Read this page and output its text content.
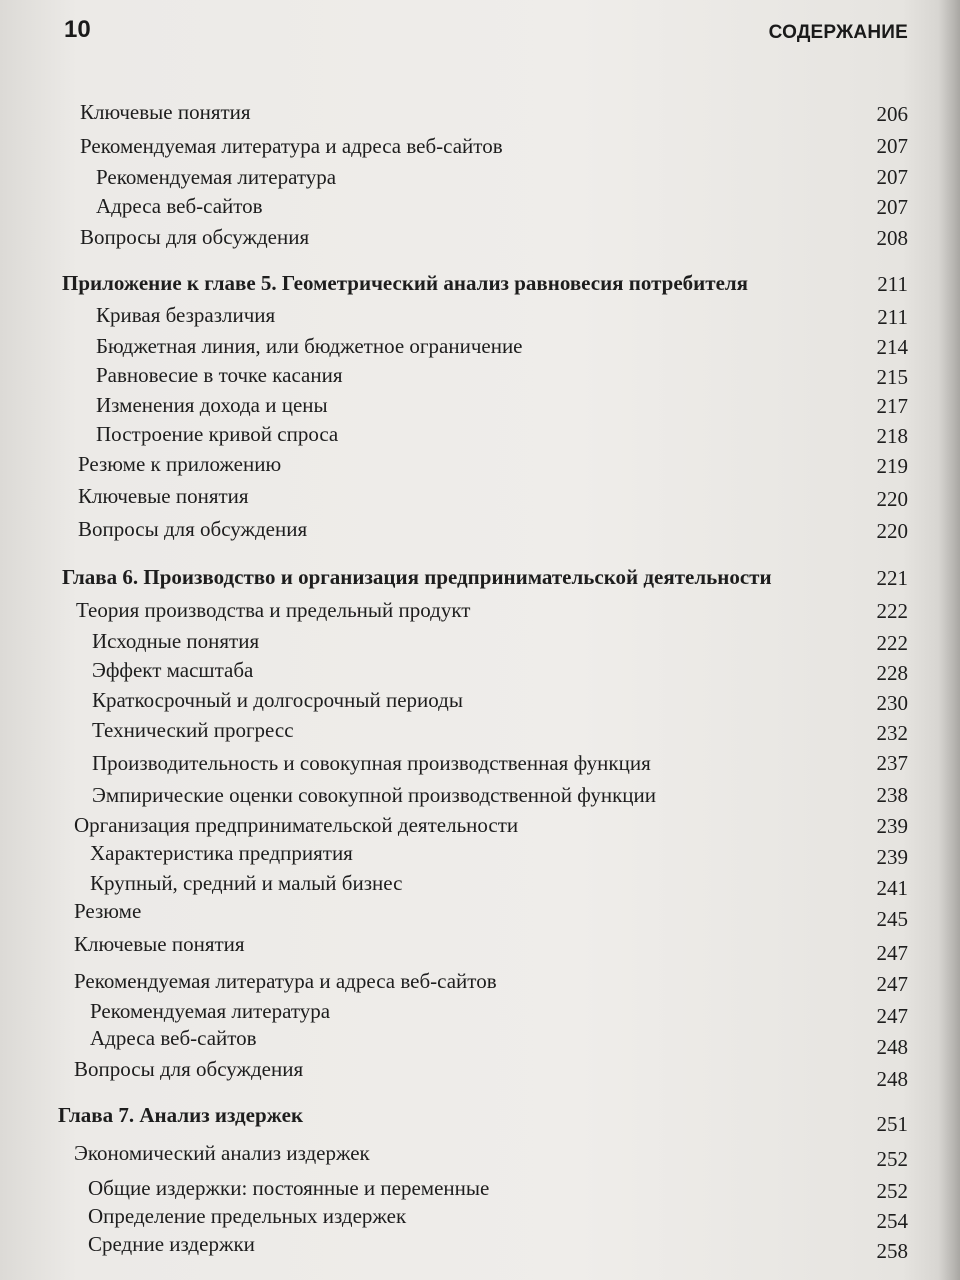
10	СОДЕРЖАНИЕ
Ключевые понятия
Рекомендуемая литература и адреса веб-сайтов
Рекомендуемая литература
Адреса веб-сайтов
Вопросы для обсуждения
Приложение к главе 5. Геометрический анализ равновесия потребителя
Кривая безразличия
Бюджетная линия, или бюджетное ограничение
Равновесие в точке касания
Изменения дохода и цены
Построение кривой спроса
Резюме к приложению
Ключевые понятия
Вопросы для обсуждения
Глава 6. Производство и организация предпринимательской деятельности
Теория производства и предельный продукт
Исходные понятия
Эффект масштаба
Краткосрочный и долгосрочный периоды
Технический прогресс
Производительность и совокупная производственная функция
Эмпирические оценки совокупной производственной функции
Организация предпринимательской деятельности
Характеристика предприятия
Крупный, средний и малый бизнес
Резюме
Ключевые понятия
Рекомендуемая литература и адреса веб-сайтов
Рекомендуемая литература
Адреса веб-сайтов
Вопросы для обсуждения
Глава 7. Анализ издержек
Экономический анализ издержек
Общие издержки: постоянные и переменные
Определение предельных издержек
Средние издержки
206
207
207
207
208
211
211
214
215
217
218
219
220
220
221
222
222
228
230
232
237
238
239
239
241
245
247
247
247
248
248
251
252
252
254
258
